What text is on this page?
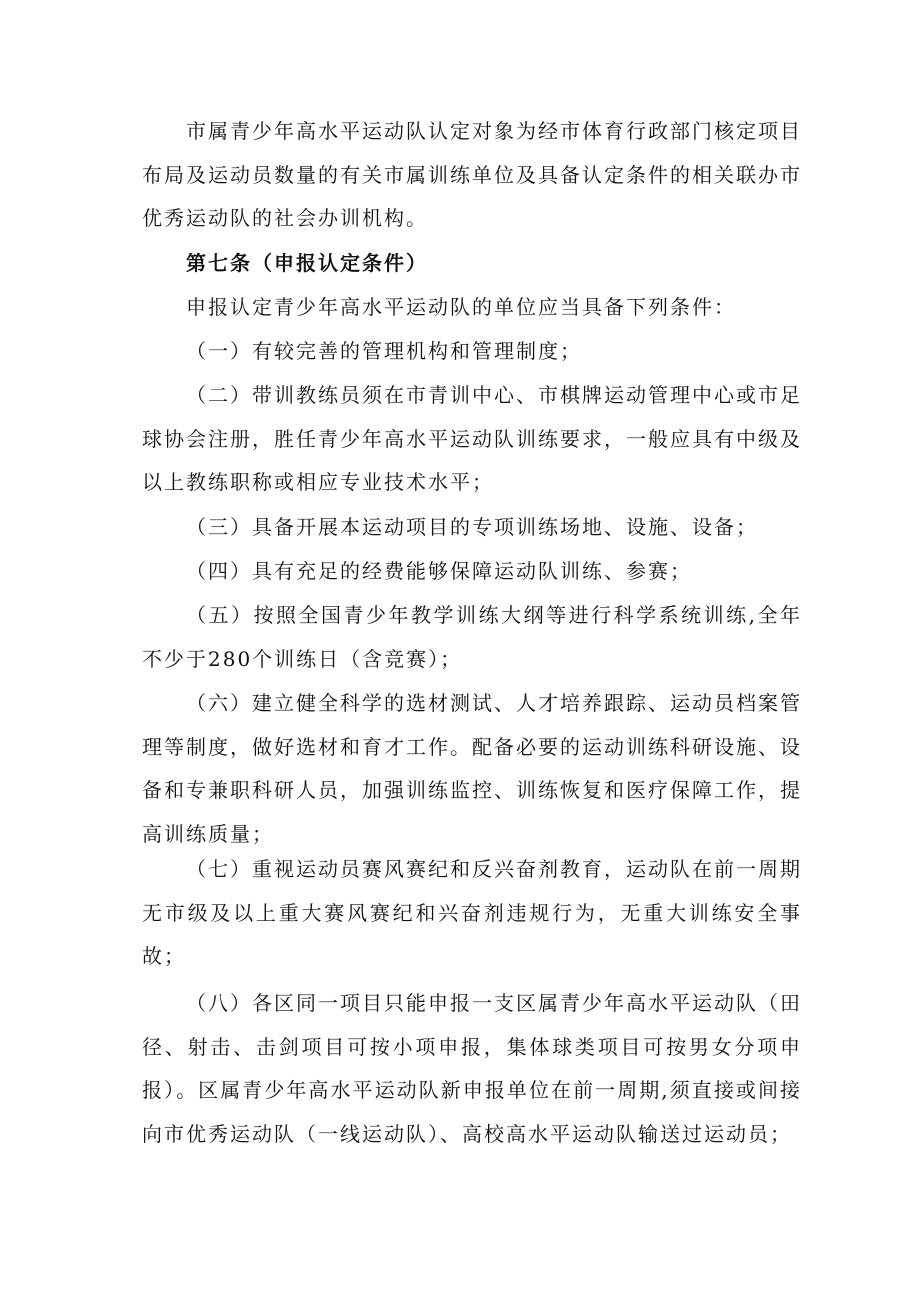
市属青少年高水平运动队认定对象为经市体育行政部门核定项目布局及运动员数量的有关市属训练单位及具备认定条件的相关联办市优秀运动队的社会办训机构。

第七条（申报认定条件）

申报认定青少年高水平运动队的单位应当具备下列条件：

（一）有较完善的管理机构和管理制度；

（二）带训教练员须在市青训中心、市棋牌运动管理中心或市足球协会注册，胜任青少年高水平运动队训练要求，一般应具有中级及以上教练职称或相应专业技术水平；

（三）具备开展本运动项目的专项训练场地、设施、设备；

（四）具有充足的经费能够保障运动队训练、参赛；

（五）按照全国青少年教学训练大纲等进行科学系统训练,全年不少于280个训练日（含竞赛）；

（六）建立健全科学的选材测试、人才培养跟踪、运动员档案管理等制度，做好选材和育才工作。配备必要的运动训练科研设施、设备和专兼职科研人员，加强训练监控、训练恢复和医疗保障工作，提高训练质量；

（七）重视运动员赛风赛纪和反兴奋剂教育，运动队在前一周期无市级及以上重大赛风赛纪和兴奋剂违规行为，无重大训练安全事故；

（八）各区同一项目只能申报一支区属青少年高水平运动队（田径、射击、击剑项目可按小项申报，集体球类项目可按男女分项申报）。区属青少年高水平运动队新申报单位在前一周期,须直接或间接向市优秀运动队（一线运动队）、高校高水平运动队输送过运动员；
